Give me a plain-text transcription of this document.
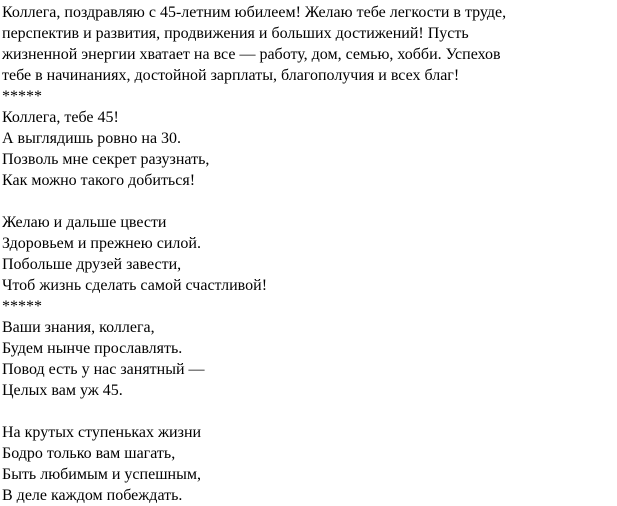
Коллега, поздравляю с 45-летним юбилеем! Желаю тебе легкости в труде,
перспектив и развития, продвижения и больших достижений! Пусть
жизненной энергии хватает на все — работу, дом, семью, хобби. Успехов
тебе в начинаниях, достойной зарплаты, благополучия и всех благ!
*****
Коллега, тебе 45!
А выглядишь ровно на 30.
Позволь мне секрет разузнать,
Как можно такого добиться!
Желаю и дальше цвести
Здоровьем и прежнею силой.
Побольше друзей завести,
Чтоб жизнь сделать самой счастливой!
*****
Ваши знания, коллега,
Будем нынче прославлять.
Повод есть у нас занятный —
Целых вам уж 45.
На крутых ступеньках жизни
Бодро только вам шагать,
Быть любимым и успешным,
В деле каждом побеждать.
